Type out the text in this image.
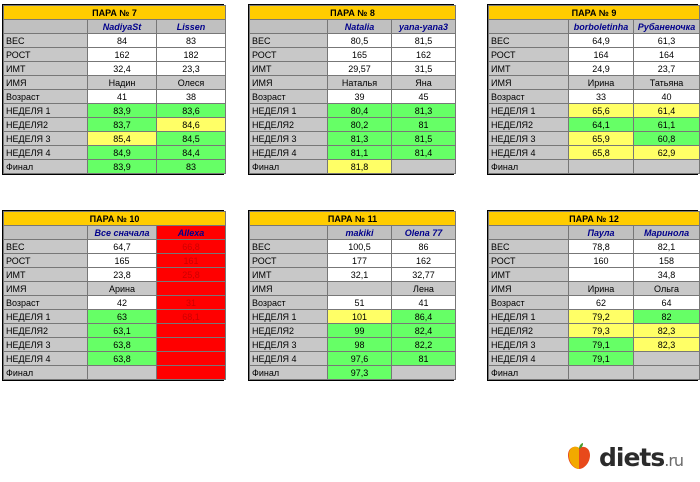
ПАРА № 7		
	NadiyaSt	Lissen
ВЕС	84	83
РОСТ	162	182
ИМТ	32,4	23,3
ИМЯ	Надин	Олеся
Возраст	41	38
НЕДЕЛЯ 1	83,9	83,6
НЕДЕЛЯ2	83,7	84,6
НЕДЕЛЯ 3	85,4	84,5
НЕДЕЛЯ 4	84,9	84,4
Финал	83,9	83
ПАРА № 8		
	Natalia	yana-yana3
ВЕС	80,5	81,5
РОСТ	165	162
ИМТ	29,57	31,5
ИМЯ	Наталья	Яна
Возраст	39	45
НЕДЕЛЯ 1	80,4	81,3
НЕДЕЛЯ2	80,2	81
НЕДЕЛЯ 3	81,3	81,5
НЕДЕЛЯ 4	81,1	81,4
Финал	81,8	
ПАРА № 9		
	borboletinha	Рубаненочка
ВЕС	64,9	61,3
РОСТ	164	164
ИМТ	24,9	23,7
ИМЯ	Ирина	Татьяна
Возраст	33	40
НЕДЕЛЯ 1	65,6	61,4
НЕДЕЛЯ2	64,1	61,1
НЕДЕЛЯ 3	65,9	60,8
НЕДЕЛЯ 4	65,8	62,9
Финал		
ПАРА № 10		
	Все сначала	Allexa
ВЕС	64,7	66,8
РОСТ	165	161
ИМТ	23,8	25,8
ИМЯ	Арина	
Возраст	42	31
НЕДЕЛЯ 1	63	68,1
НЕДЕЛЯ2	63,1	
НЕДЕЛЯ 3	63,8	
НЕДЕЛЯ 4	63,8	
Финал		
ПАРА № 11		
	makiki	Olena 77
ВЕС	100,5	86
РОСТ	177	162
ИМТ	32,1	32,77
ИМЯ		Лена
Возраст	51	41
НЕДЕЛЯ 1	101	86,4
НЕДЕЛЯ2	99	82,4
НЕДЕЛЯ 3	98	82,2
НЕДЕЛЯ 4	97,6	81
Финал	97,3	
ПАРА № 12		
	Паула	Маринола
ВЕС	78,8	82,1
РОСТ	160	158
ИМТ		34,8
ИМЯ	Ирина	Ольга
Возраст	62	64
НЕДЕЛЯ 1	79,2	82
НЕДЕЛЯ2	79,3	82,3
НЕДЕЛЯ 3	79,1	82,3
НЕДЕЛЯ 4	79,1	
Финал		
diets.ru
